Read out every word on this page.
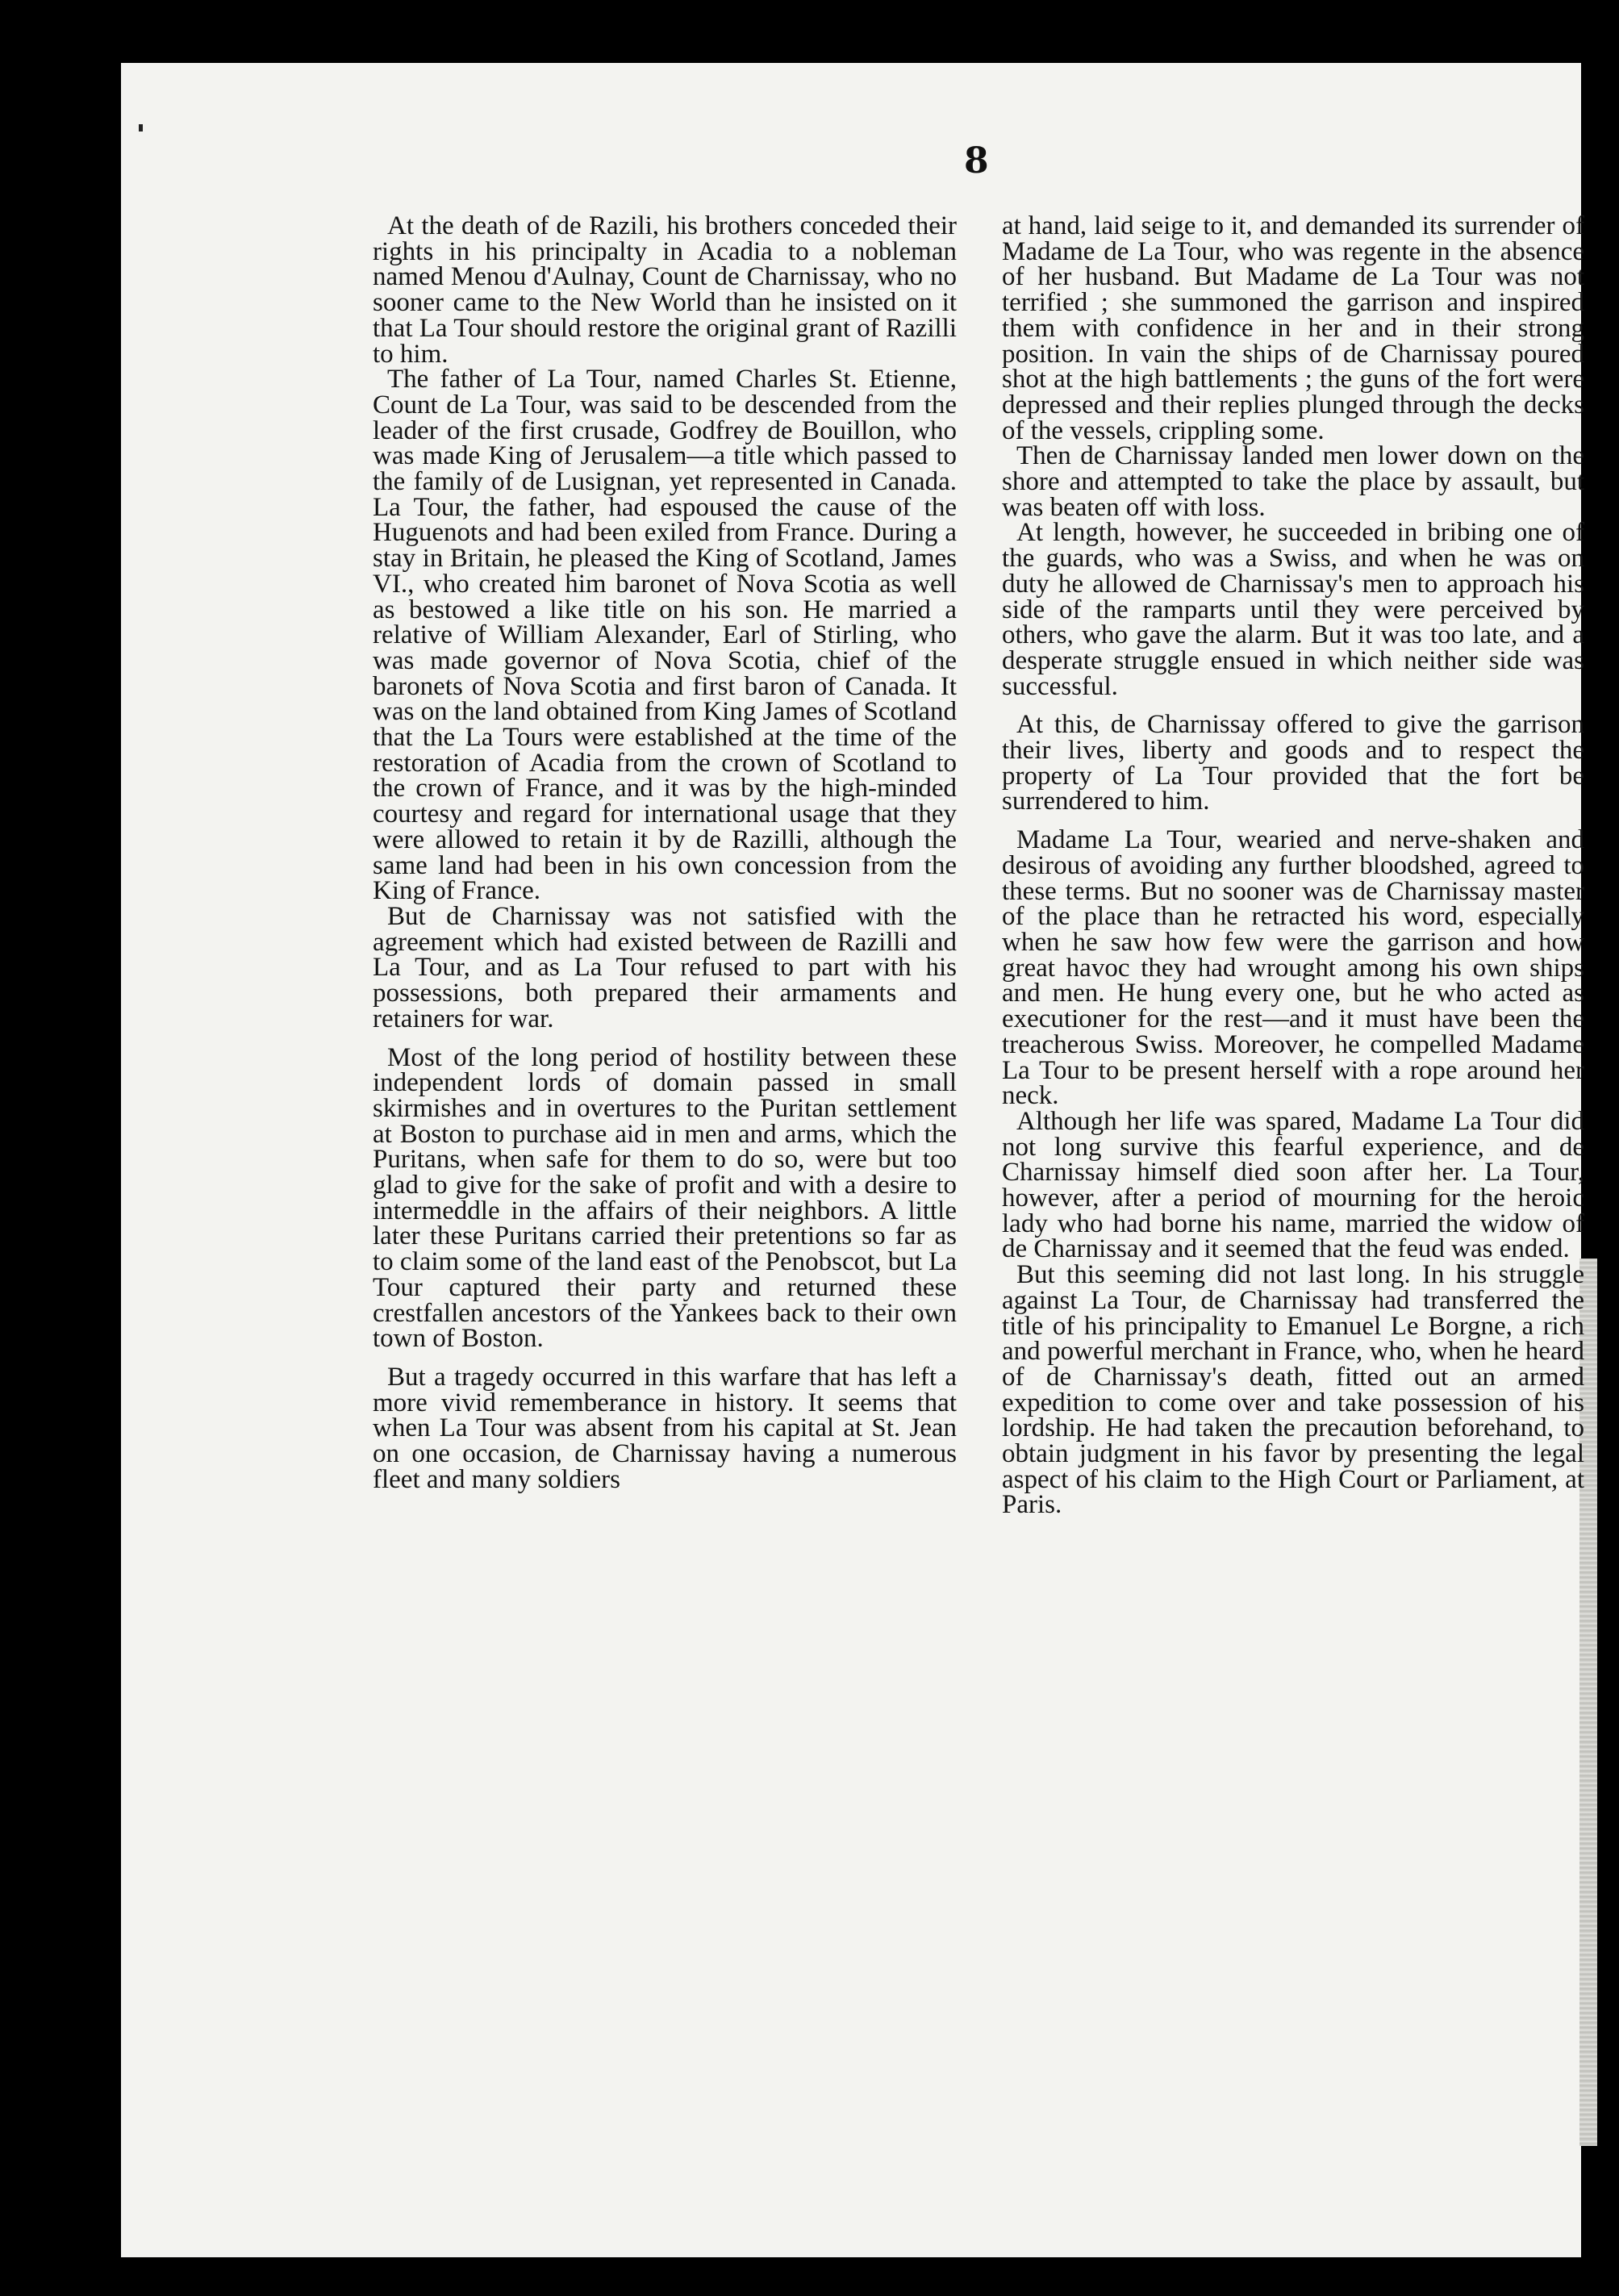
8

At the death of de Razili, his brothers conceded their rights in his principalty in Acadia to a nobleman named Menou d'Aulnay, Count de Charnissay, who no sooner came to the New World than he insisted on it that La Tour should restore the original grant of Razilli to him.

The father of La Tour, named Charles St. Etienne, Count de La Tour, was said to be descended from the leader of the first crusade, Godfrey de Bouillon, who was made King of Jerusalem—a title which passed to the family of de Lusignan, yet represented in Canada. La Tour, the father, had espoused the cause of the Huguenots and had been exiled from France. During a stay in Britain, he pleased the King of Scotland, James VI., who created him baronet of Nova Scotia as well as bestowed a like title on his son. He married a relative of William Alexander, Earl of Stirling, who was made governor of Nova Scotia, chief of the baronets of Nova Scotia and first baron of Canada. It was on the land obtained from King James of Scotland that the La Tours were established at the time of the restoration of Acadia from the crown of Scotland to the crown of France, and it was by the high-minded courtesy and regard for international usage that they were allowed to retain it by de Razilli, although the same land had been in his own concession from the King of France.

But de Charnissay was not satisfied with the agreement which had existed between de Razilli and La Tour, and as La Tour refused to part with his possessions, both prepared their armaments and retainers for war.

Most of the long period of hostility between these independent lords of domain passed in small skirmishes and in overtures to the Puritan settlement at Boston to purchase aid in men and arms, which the Puritans, when safe for them to do so, were but too glad to give for the sake of profit and with a desire to intermeddle in the affairs of their neighbors. A little later these Puritans carried their pretentions so far as to claim some of the land east of the Penobscot, but La Tour captured their party and returned these crestfallen ancestors of the Yankees back to their own town of Boston.

But a tragedy occurred in this warfare that has left a more vivid rememberance in history. It seems that when La Tour was absent from his capital at St. Jean on one occasion, de Charnissay having a numerous fleet and many soldiers

at hand, laid seige to it, and demanded its surrender of Madame de La Tour, who was regente in the absence of her husband. But Madame de La Tour was not terrified ; she summoned the garrison and inspired them with confidence in her and in their strong position. In vain the ships of de Charnissay poured shot at the high battlements ; the guns of the fort were depressed and their replies plunged through the decks of the vessels, crippling some.

Then de Charnissay landed men lower down on the shore and attempted to take the place by assault, but was beaten off with loss.

At length, however, he succeeded in bribing one of the guards, who was a Swiss, and when he was on duty he allowed de Charnissay's men to approach his side of the ramparts until they were perceived by others, who gave the alarm. But it was too late, and a desperate struggle ensued in which neither side was successful.

At this, de Charnissay offered to give the garrison their lives, liberty and goods and to respect the property of La Tour provided that the fort be surrendered to him.

Madame La Tour, wearied and nerve-shaken and desirous of avoiding any further bloodshed, agreed to these terms. But no sooner was de Charnissay master of the place than he retracted his word, especially when he saw how few were the garrison and how great havoc they had wrought among his own ships and men. He hung every one, but he who acted as executioner for the rest—and it must have been the treacherous Swiss. Moreover, he compelled Madame La Tour to be present herself with a rope around her neck.

Although her life was spared, Madame La Tour did not long survive this fearful experience, and de Charnissay himself died soon after her. La Tour, however, after a period of mourning for the heroic lady who had borne his name, married the widow of de Charnissay and it seemed that the feud was ended.

But this seeming did not last long. In his struggle against La Tour, de Charnissay had transferred the title of his principality to Emanuel Le Borgne, a rich and powerful merchant in France, who, when he heard of de Charnissay's death, fitted out an armed expedition to come over and take possession of his lordship. He had taken the precaution beforehand, to obtain judgment in his favor by presenting the legal aspect of his claim to the High Court or Parliament, at Paris.
